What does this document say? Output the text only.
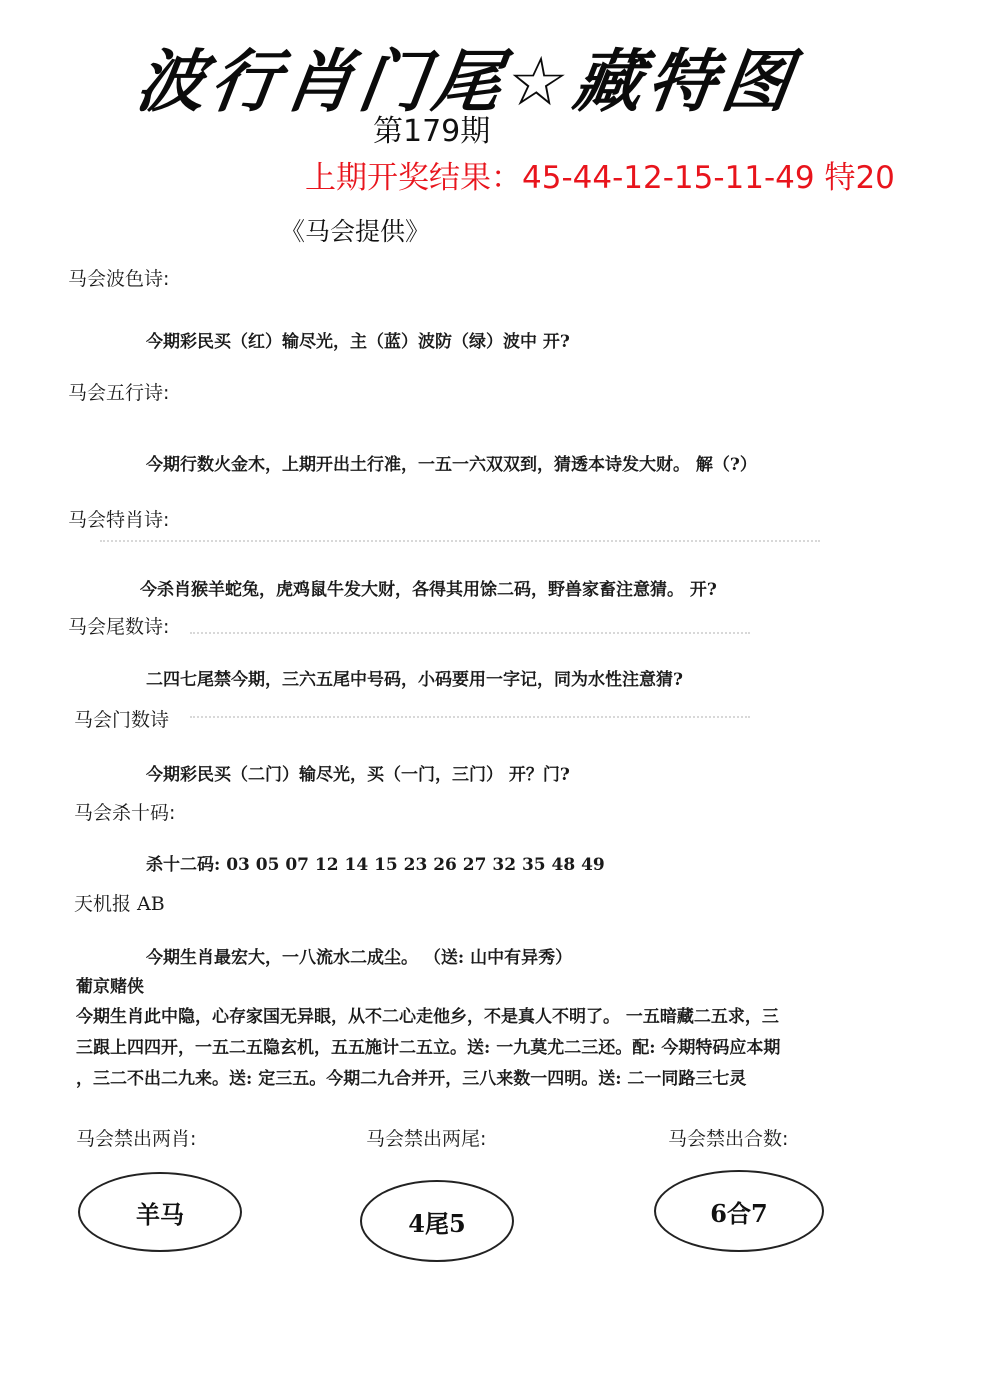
波行肖门尾☆藏特图
第179期
上期开奖结果：45-44-12-15-11-49 特20
《马会提供》
马会波色诗:
今期彩民买（红）输尽光，主（蓝）波防（绿）波中 开?
马会五行诗:
今期行数火金木，上期开出土行准，一五一六双双到，猜透本诗发大财。 解（?）
马会特肖诗:
今杀肖猴羊蛇兔，虎鸡鼠牛发大财，各得其用馀二码，野兽家畜注意猜。 开?
马会尾数诗:
二四七尾禁今期，三六五尾中号码，小码要用一字记，同为水性注意猜?
马会门数诗
今期彩民买（二门）输尽光，买（一门，三门） 开？门?
马会杀十码:
杀十二码: 03 05 07 12 14 15 23 26 27 32 35 48 49
天机报 AB
今期生肖最宏大，一八流水二成尘。 （送: 山中有异秀）
葡京赌侠
今期生肖此中隐，心存家国无异眼，从不二心走他乡，不是真人不明了。 一五暗藏二五求，三
三跟上四四开，一五二五隐玄机，五五施计二五立。送: 一九莫尤二三还。配: 今期特码应本期
，三二不出二九来。送: 定三五。今期二九合并开，三八来数一四明。送: 二一同路三七灵
马会禁出两肖:	马会禁出两尾:	马会禁出合数:
羊马	4尾5	6合7
